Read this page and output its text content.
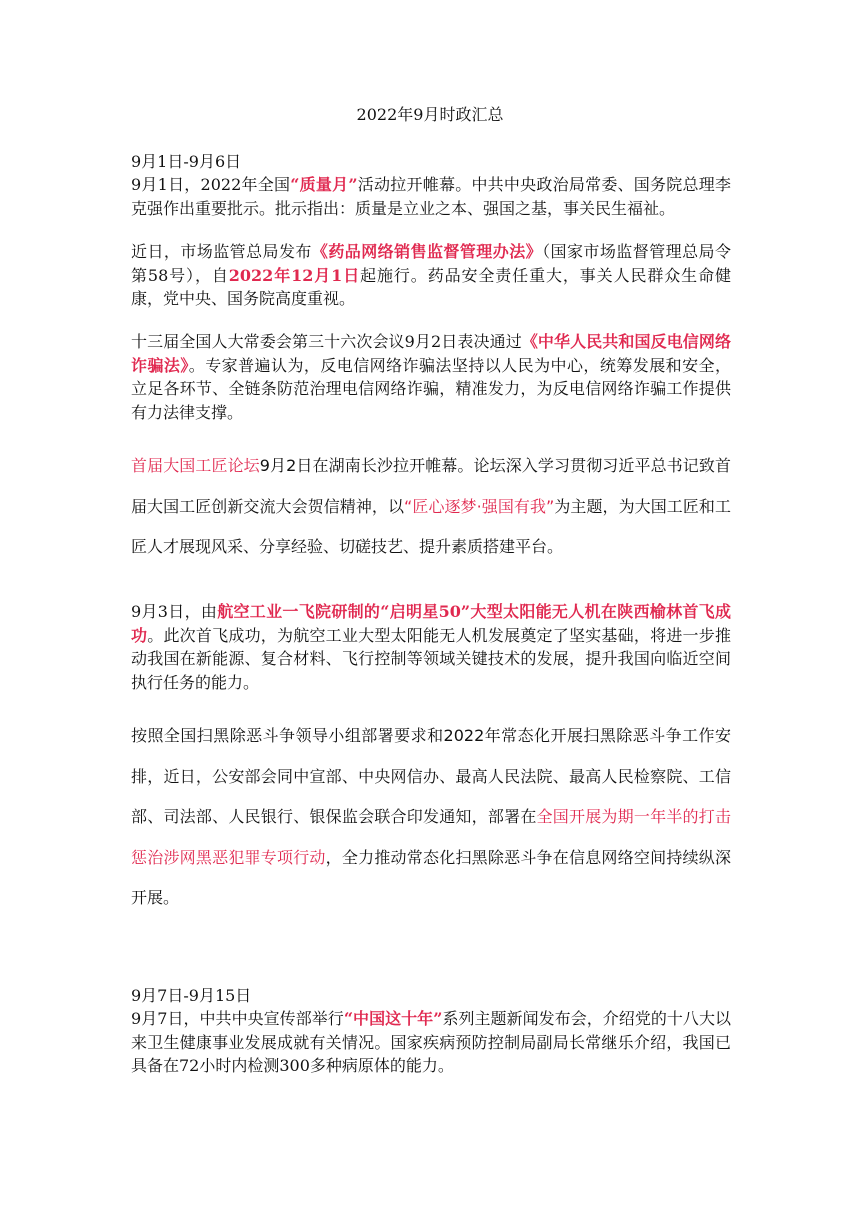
2022年9月时政汇总
9月1日-9月6日

9月1日，2022年全国“质量月”活动拉开帷幕。中共中央政治局常委、国务院总理李克强作出重要批示。批示指出：质量是立业之本、强国之基，事关民生福祉。

近日，市场监管总局发布《药品网络销售监督管理办法》（国家市场监督管理总局令第58号），自2022年12月1日起施行。药品安全责任重大，事关人民群众生命健康，党中央、国务院高度重视。

十三届全国人大常委会第三十六次会议9月2日表决通过《中华人民共和国反电信网络诈骗法》。专家普遍认为，反电信网络诈骗法坚持以人民为中心，统筹发展和安全，立足各环节、全链条防范治理电信网络诈骗，精准发力，为反电信网络诈骗工作提供有力法律支撑。

首届大国工匠论坛9月2日在湖南长沙拉开帷幕。论坛深入学习贯彻习近平总书记致首届大国工匠创新交流大会贺信精神，以“匠心逐梦·强国有我”为主题，为大国工匠和工匠人才展现风采、分享经验、切磋技艺、提升素质搭建平台。

9月3日，由航空工业一飞院研制的“启明星50”大型太阳能无人机在陕西榆林首飞成功。此次首飞成功，为航空工业大型太阳能无人机发展奠定了坚实基础，将进一步推动我国在新能源、复合材料、飞行控制等领域关键技术的发展，提升我国向临近空间执行任务的能力。

按照全国扫黑除恶斗争领导小组部署要求和2022年常态化开展扫黑除恶斗争工作安排，近日，公安部会同中宣部、中央网信办、最高人民法院、最高人民检察院、工信部、司法部、人民银行、银保监会联合印发通知，部署在全国开展为期一年半的打击惩治涉网黑恶犯罪专项行动，全力推动常态化扫黑除恶斗争在信息网络空间持续纵深开展。

9月7日-9月15日

9月7日，中共中央宣传部举行“中国这十年”系列主题新闻发布会，介绍党的十八大以来卫生健康事业发展成就有关情况。国家疾病预防控制局副局长常继乐介绍，我国已具备在72小时内检测300多种病原体的能力。
